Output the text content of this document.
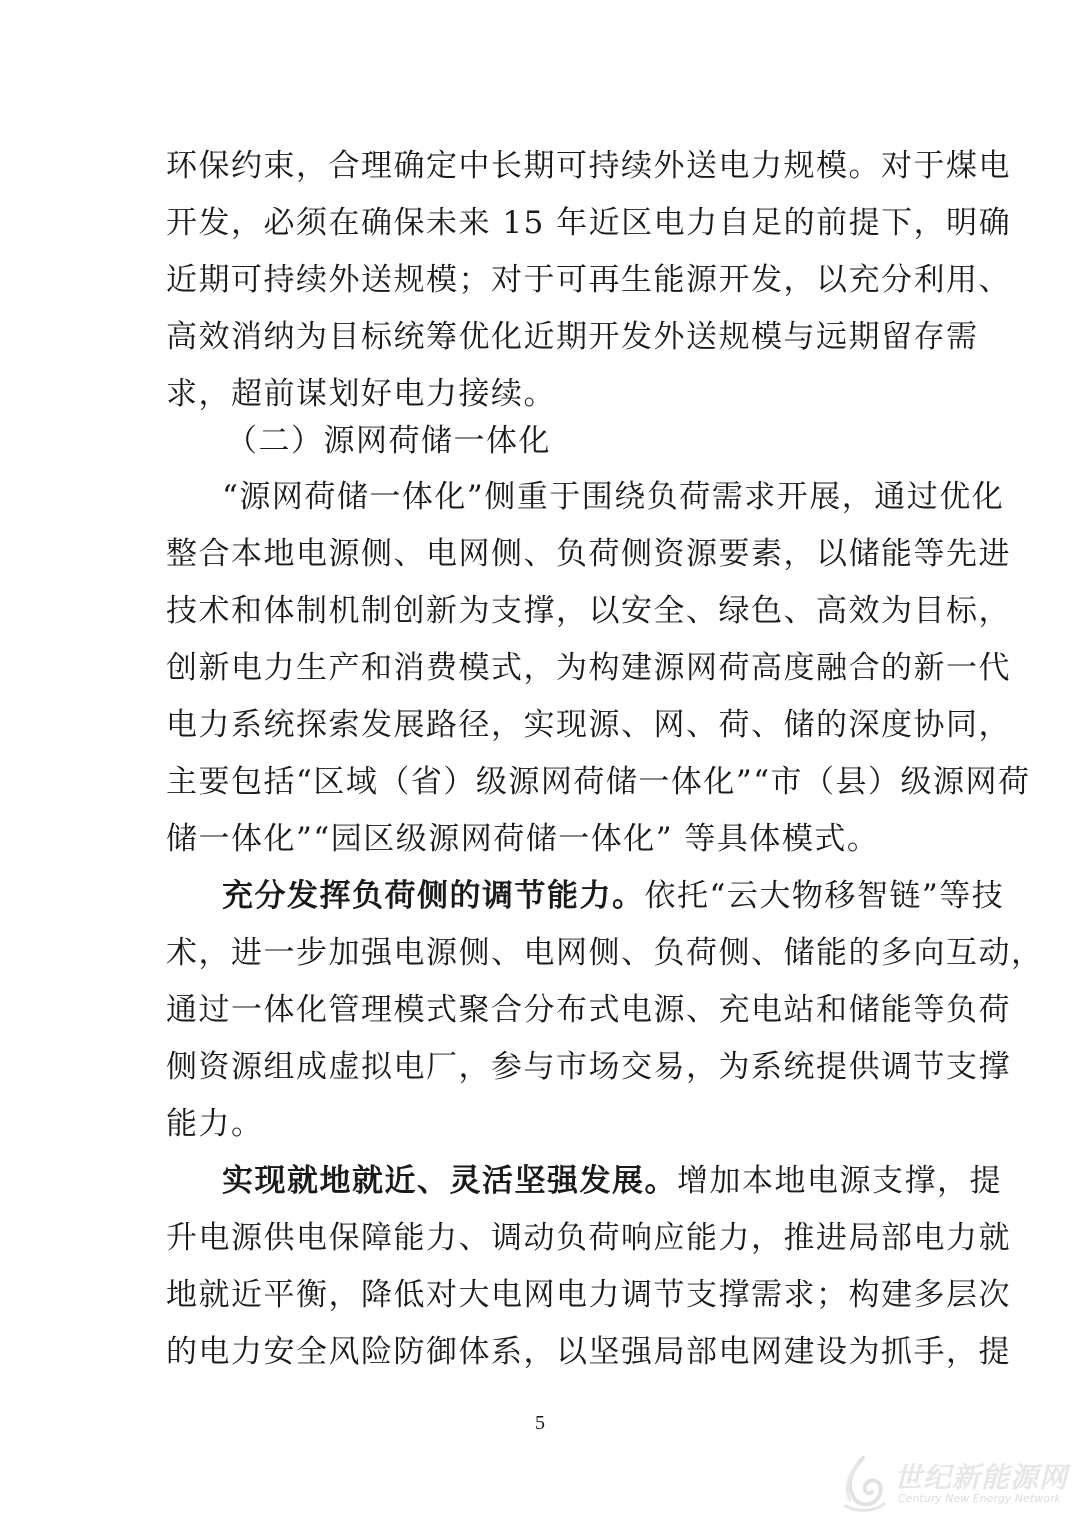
环保约束，合理确定中长期可持续外送电力规模。对于煤电
开发，必须在确保未来 15 年近区电力自足的前提下，明确
近期可持续外送规模；对于可再生能源开发，以充分利用、
高效消纳为目标统筹优化近期开发外送规模与远期留存需
求，超前谋划好电力接续。
（二）源网荷储一体化
“源网荷储一体化”侧重于围绕负荷需求开展，通过优化
整合本地电源侧、电网侧、负荷侧资源要素，以储能等先进
技术和体制机制创新为支撑，以安全、绿色、高效为目标，
创新电力生产和消费模式，为构建源网荷高度融合的新一代
电力系统探索发展路径，实现源、网、荷、储的深度协同，
主要包括“区域（省）级源网荷储一体化”“市（县）级源网荷
储一体化”“园区级源网荷储一体化” 等具体模式。
充分发挥负荷侧的调节能力。依托“云大物移智链”等技
术，进一步加强电源侧、电网侧、负荷侧、储能的多向互动，
通过一体化管理模式聚合分布式电源、充电站和储能等负荷
侧资源组成虚拟电厂，参与市场交易，为系统提供调节支撑
能力。
实现就地就近、灵活坚强发展。增加本地电源支撑，提
升电源供电保障能力、调动负荷响应能力，推进局部电力就
地就近平衡，降低对大电网电力调节支撑需求；构建多层次
的电力安全风险防御体系，以坚强局部电网建设为抓手，提
5
世纪新能源网
Century New Energy Network
